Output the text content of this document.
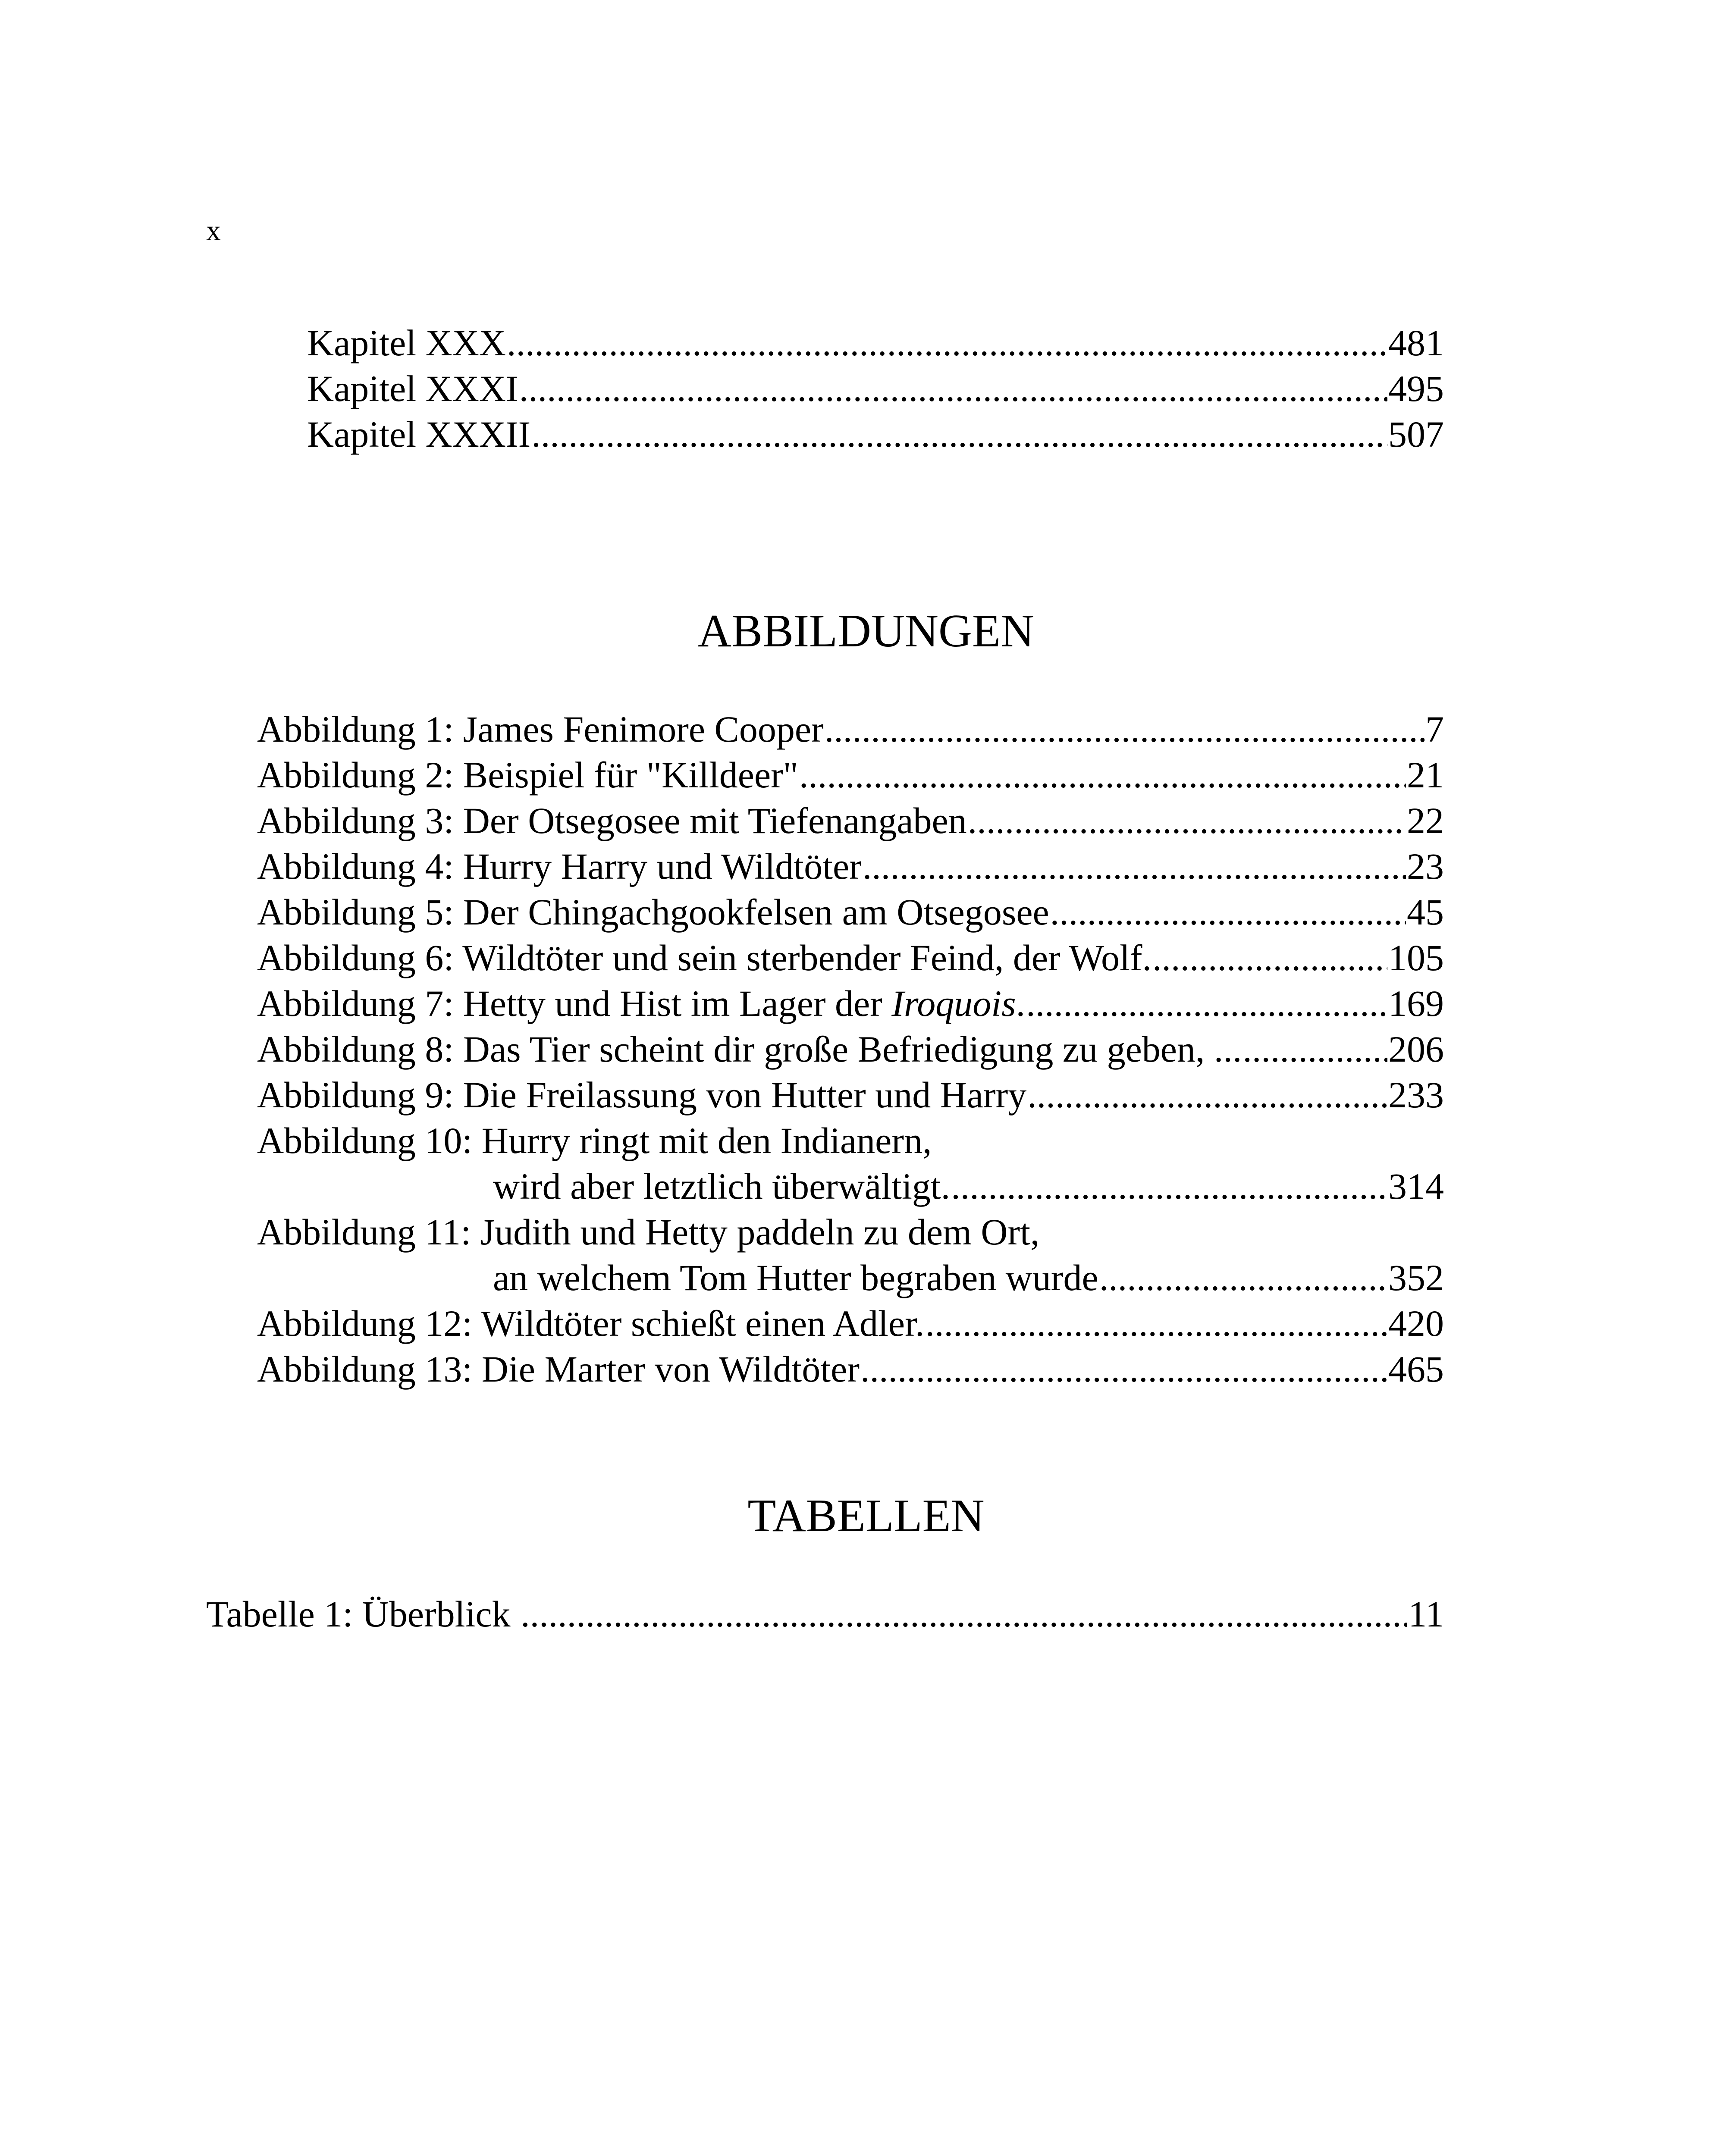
x
Kapitel XXX .....	481
Kapitel XXXI .....	495
Kapitel XXXII .....	507
ABBILDUNGEN
Abbildung 1: James Fenimore Cooper .....	7
Abbildung 2: Beispiel für "Killdeer" .....	21
Abbildung 3: Der Otsegosee mit Tiefenangaben .....	22
Abbildung 4: Hurry Harry und Wildtöter .....	23
Abbildung 5: Der Chingachgookfelsen am Otsegosee .....	45
Abbildung 6: Wildtöter und sein sterbender Feind, der Wolf. .....	105
Abbildung 7: Hetty und Hist im Lager der Iroquois. .....	169
Abbildung 8: Das Tier scheint dir große Befriedigung zu geben, ... .....	206
Abbildung 9: Die Freilassung von Hutter und Harry .....	233
Abbildung 10: Hurry ringt mit den Indianern,
wird aber letztlich überwältigt. .....	314
Abbildung 11: Judith und Hetty paddeln zu dem Ort,
an welchem Tom Hutter begraben wurde .....	352
Abbildung 12: Wildtöter schießt einen Adler. .....	420
Abbildung 13: Die Marter von Wildtöter .....	465
TABELLEN
Tabelle 1: Überblick .....	11
